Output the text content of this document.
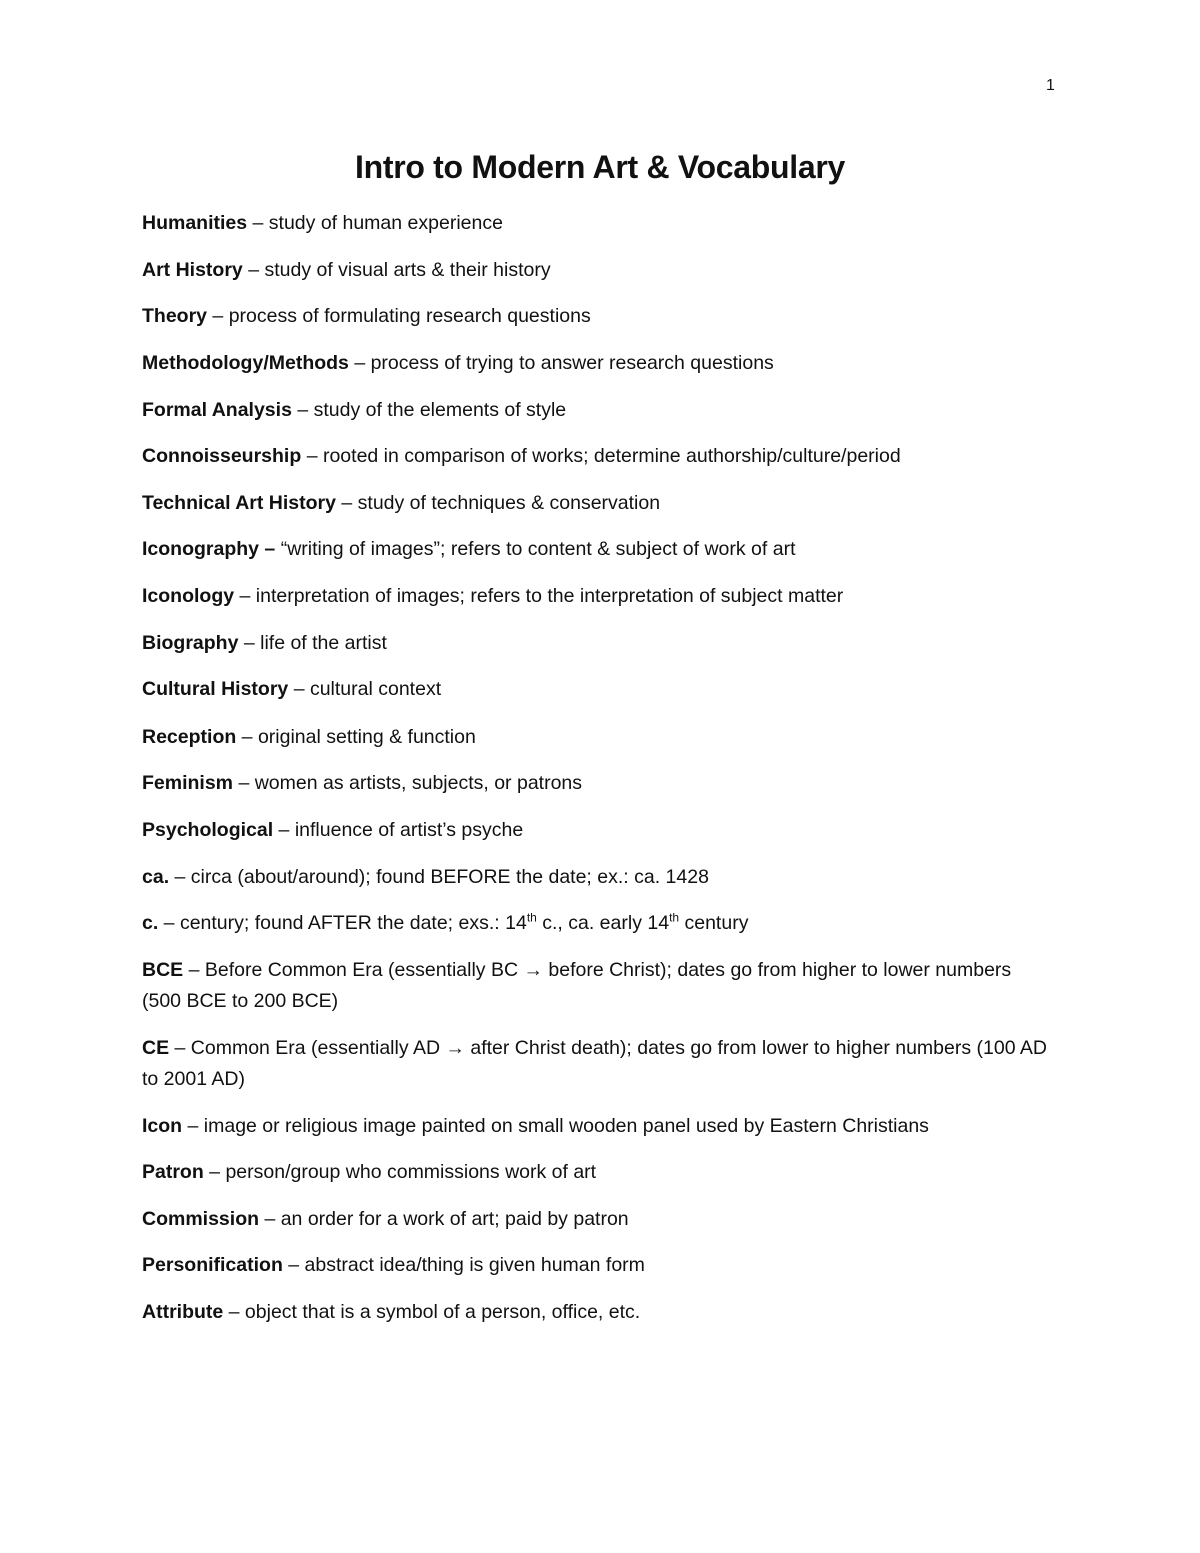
1
Intro to Modern Art & Vocabulary
Humanities – study of human experience
Art History – study of visual arts & their history
Theory – process of formulating research questions
Methodology/Methods – process of trying to answer research questions
Formal Analysis – study of the elements of style
Connoisseurship – rooted in comparison of works; determine authorship/culture/period
Technical Art History – study of techniques & conservation
Iconography – “writing of images”; refers to content & subject of work of art
Iconology – interpretation of images; refers to the interpretation of subject matter
Biography – life of the artist
Cultural History – cultural context
Reception – original setting & function
Feminism – women as artists, subjects, or patrons
Psychological – influence of artist’s psyche
ca. – circa (about/around); found BEFORE the date; ex.: ca. 1428
c. – century; found AFTER the date; exs.: 14th c., ca. early 14th century
BCE – Before Common Era (essentially BC → before Christ); dates go from higher to lower numbers (500 BCE to 200 BCE)
CE – Common Era (essentially AD → after Christ death); dates go from lower to higher numbers (100 AD to 2001 AD)
Icon – image or religious image painted on small wooden panel used by Eastern Christians
Patron – person/group who commissions work of art
Commission – an order for a work of art; paid by patron
Personification – abstract idea/thing is given human form
Attribute – object that is a symbol of a person, office, etc.
